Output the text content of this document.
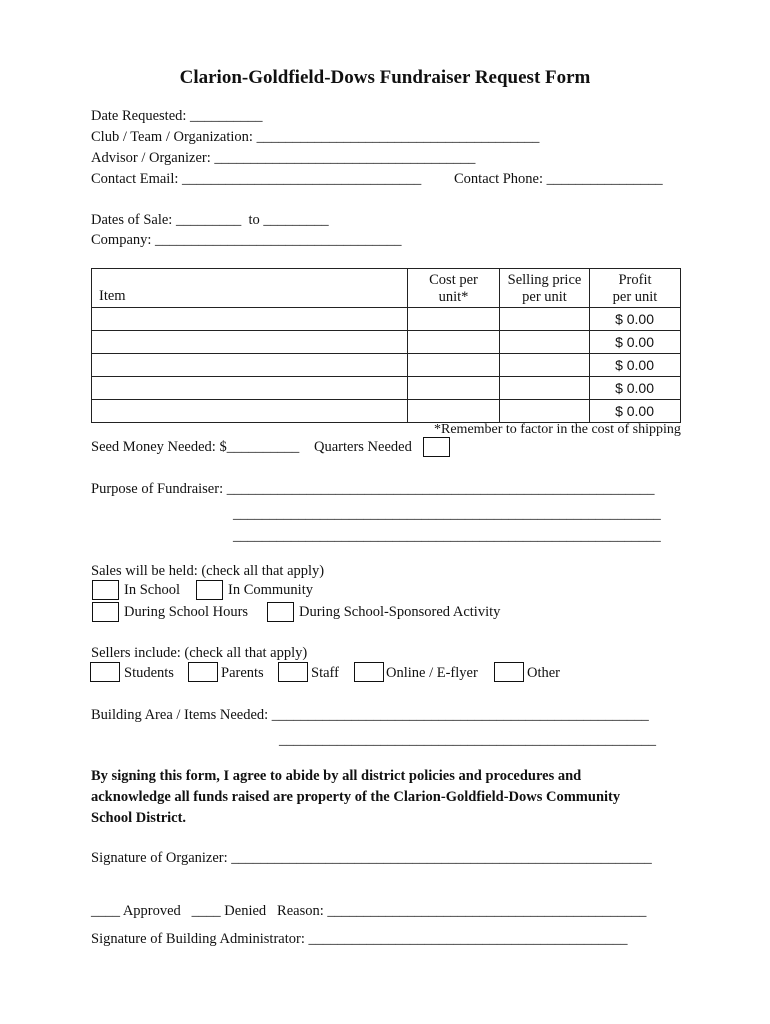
Clarion-Goldfield-Dows Fundraiser Request Form
Date Requested: __________
Club / Team / Organization: _______________________________________
Advisor / Organizer: ____________________________________
Contact Email: _________________________________ Contact Phone: ________________
Dates of Sale: _________  to _________
Company: __________________________________
Item	Cost per unit*	Selling price per unit	Profit per unit

			$ 0.00
			$ 0.00
			$ 0.00
			$ 0.00
			$ 0.00
*Remember to factor in the cost of shipping
Seed Money Needed: $__________ Quarters Needed
Purpose of Fundraiser: ___________________________________________________________
___________________________________________________________
___________________________________________________________
Sales will be held: (check all that apply)
In School	In Community
During School Hours	During School-Sponsored Activity
Sellers include: (check all that apply)
Students	Parents	Staff	Online / E-flyer	Other
Building Area / Items Needed: ____________________________________________________
____________________________________________________
By signing this form, I agree to abide by all district policies and procedures and
acknowledge all funds raised are property of the Clarion-Goldfield-Dows Community
School District.
Signature of Organizer: __________________________________________________________
____ Approved   ____ Denied   Reason: ____________________________________________
Signature of Building Administrator: ____________________________________________
